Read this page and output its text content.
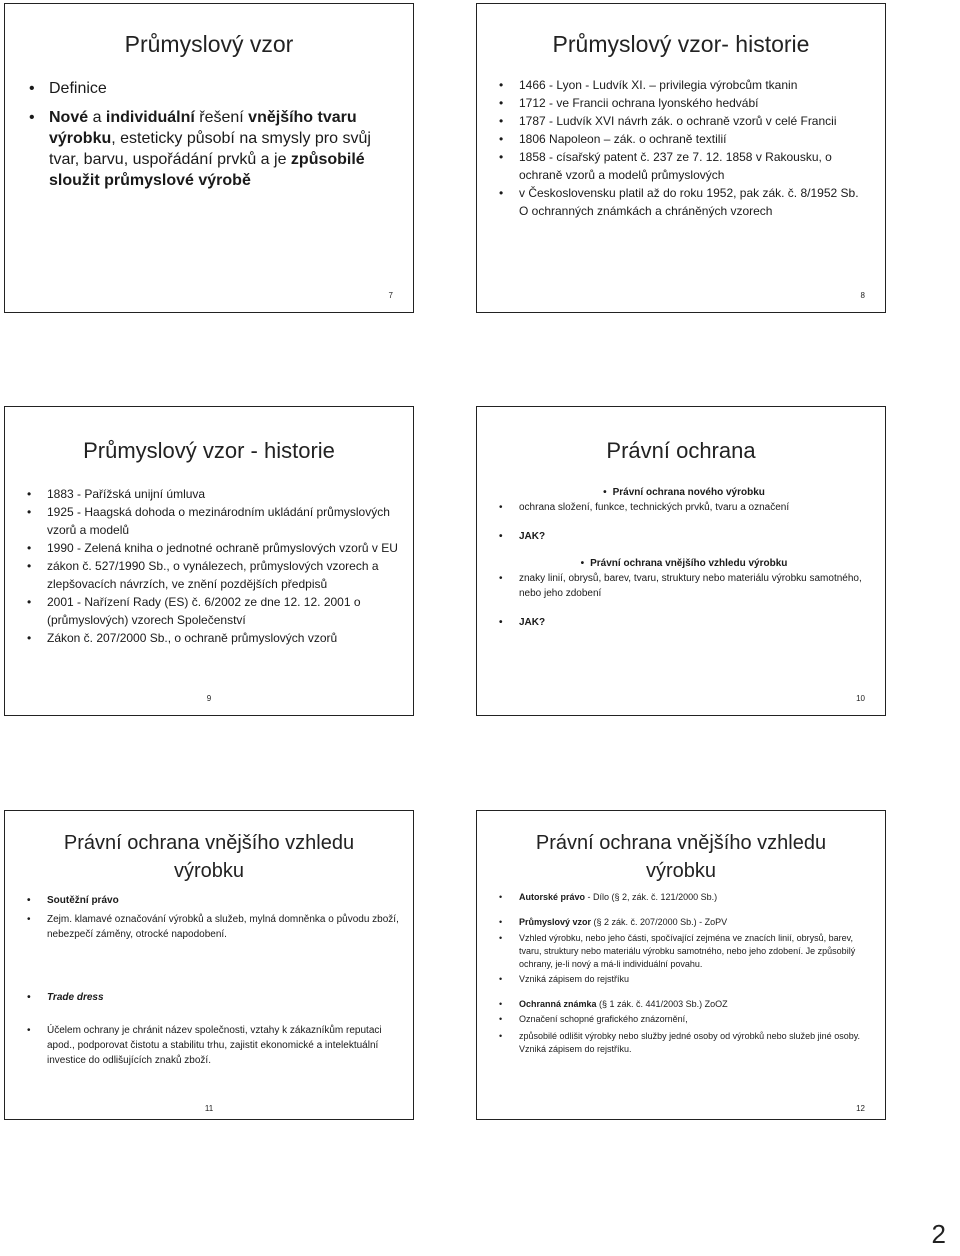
Průmyslový vzor
• Definice
• Nové a individuální řešení vnějšího tvaru výrobku, esteticky působí na smysly pro svůj tvar, barvu, uspořádání prvků a je způsobilé sloužit průmyslové výrobě
7
Průmyslový vzor- historie
• 1466 - Lyon - Ludvík XI. – privilegia výrobcům tkanin
• 1712 - ve Francii ochrana lyonského hedvábí
• 1787 - Ludvík XVI návrh zák. o ochraně vzorů v celé Francii
• 1806 Napoleon – zák. o ochraně textilií
• 1858 - císařský patent č. 237 ze 7. 12. 1858 v Rakousku, o ochraně vzorů a modelů průmyslových
• v Československu platil až do roku 1952, pak zák. č. 8/1952 Sb. O ochranných známkách a chráněných vzorech
8
Průmyslový vzor - historie
• 1883 - Pařížská unijní úmluva
• 1925 - Haagská dohoda o mezinárodním ukládání průmyslových vzorů a modelů
• 1990 - Zelená kniha o jednotné ochraně průmyslových vzorů v EU
• zákon č. 527/1990 Sb., o vynálezech, průmyslových vzorech a zlepšovacích návrzích, ve znění pozdějších předpisů
• 2001 - Nařízení Rady (ES) č. 6/2002 ze dne 12. 12. 2001 o (průmyslových) vzorech Společenství
• Zákon č. 207/2000 Sb., o ochraně průmyslových vzorů
9
Právní ochrana
• Právní ochrana nového výrobku
• ochrana složení, funkce, technických prvků, tvaru a označení
• JAK?
• Právní ochrana vnějšího vzhledu výrobku
• znaky linií, obrysů, barev, tvaru, struktury nebo materiálu výrobku samotného, nebo jeho zdobení
• JAK?
10
Právní ochrana vnějšího vzhledu výrobku
• Soutěžní právo
• Zejm. klamavé označování výrobků a služeb, mylná domněnka o původu zboží, nebezpečí záměny, otrocké napodobení.
• Trade dress
• Účelem ochrany je chránit název společnosti, vztahy k zákazníkům reputaci apod., podporovat čistotu a stabilitu trhu, zajistit ekonomické a intelektuální investice do odlišujících znaků zboží.
11
Právní ochrana vnějšího vzhledu výrobku
• Autorské právo - Dílo (§ 2, zák. č. 121/2000 Sb.)
• Průmyslový vzor (§ 2 zák. č. 207/2000 Sb.) - ZoPV
• Vzhled výrobku, nebo jeho části, spočívající zejména ve znacích linií, obrysů, barev, tvaru, struktury nebo materiálu výrobku samotného, nebo jeho zdobení. Je způsobilý ochrany, je-li nový a má-li individuální povahu.
• Vzniká zápisem do rejstříku
• Ochranná známka (§ 1 zák. č. 441/2003 Sb.) ZoOZ
• Označení schopné grafického znázornění,
• způsobilé odlišit výrobky nebo služby jedné osoby od výrobků nebo služeb jiné osoby. Vzniká zápisem do rejstříku.
12
2
